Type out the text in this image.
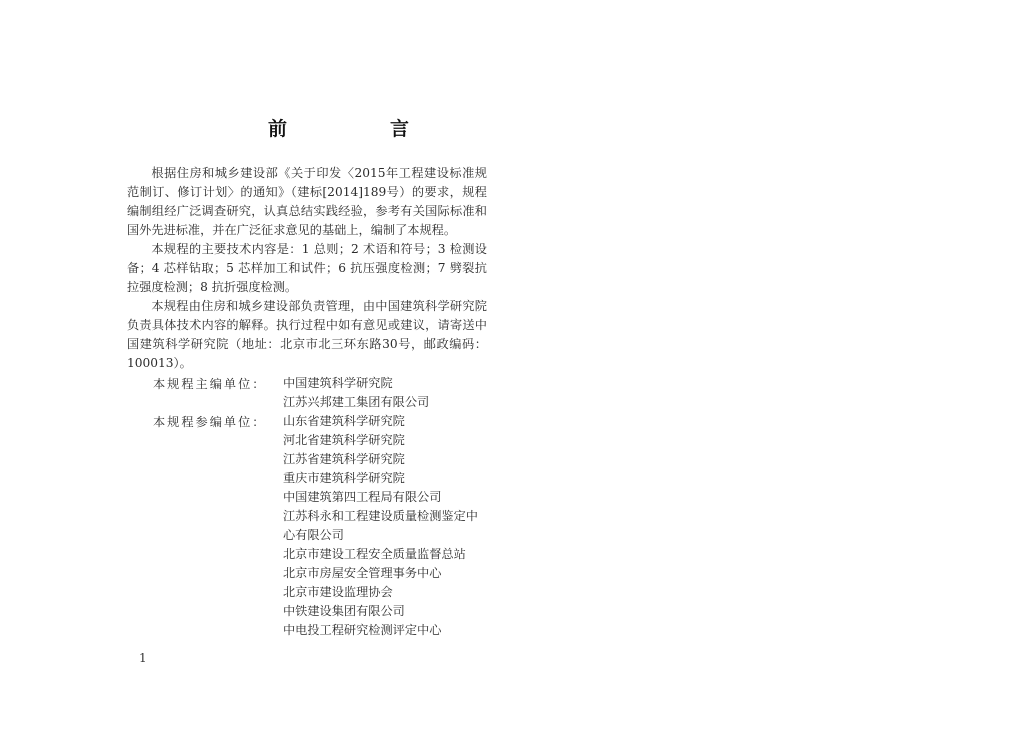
前　言

根据住房和城乡建设部《关于印发〈2015年工程建设标准规范制订、修订计划〉的通知》（建标[2014]189号）的要求，规程编制组经广泛调查研究，认真总结实践经验，参考有关国际标准和国外先进标准，并在广泛征求意见的基础上，编制了本规程。

本规程的主要技术内容是：1 总则；2 术语和符号；3 检测设备；4 芯样钻取；5 芯样加工和试件；6 抗压强度检测；7 劈裂抗拉强度检测；8 抗折强度检测。

本规程由住房和城乡建设部负责管理，由中国建筑科学研究院负责具体技术内容的解释。执行过程中如有意见或建议，请寄送中国建筑科学研究院（地址：北京市北三环东路30号，邮政编码：100013）。

本规程主编单位：	中国建筑科学研究院
江苏兴邦建工集团有限公司
本规程参编单位：	山东省建筑科学研究院
河北省建筑科学研究院
江苏省建筑科学研究院
重庆市建筑科学研究院
中国建筑第四工程局有限公司
江苏科永和工程建设质量检测鉴定中
心有限公司
北京市建设工程安全质量监督总站
北京市房屋安全管理事务中心
北京市建设监理协会
中铁建设集团有限公司
中电投工程研究检测评定中心
1
